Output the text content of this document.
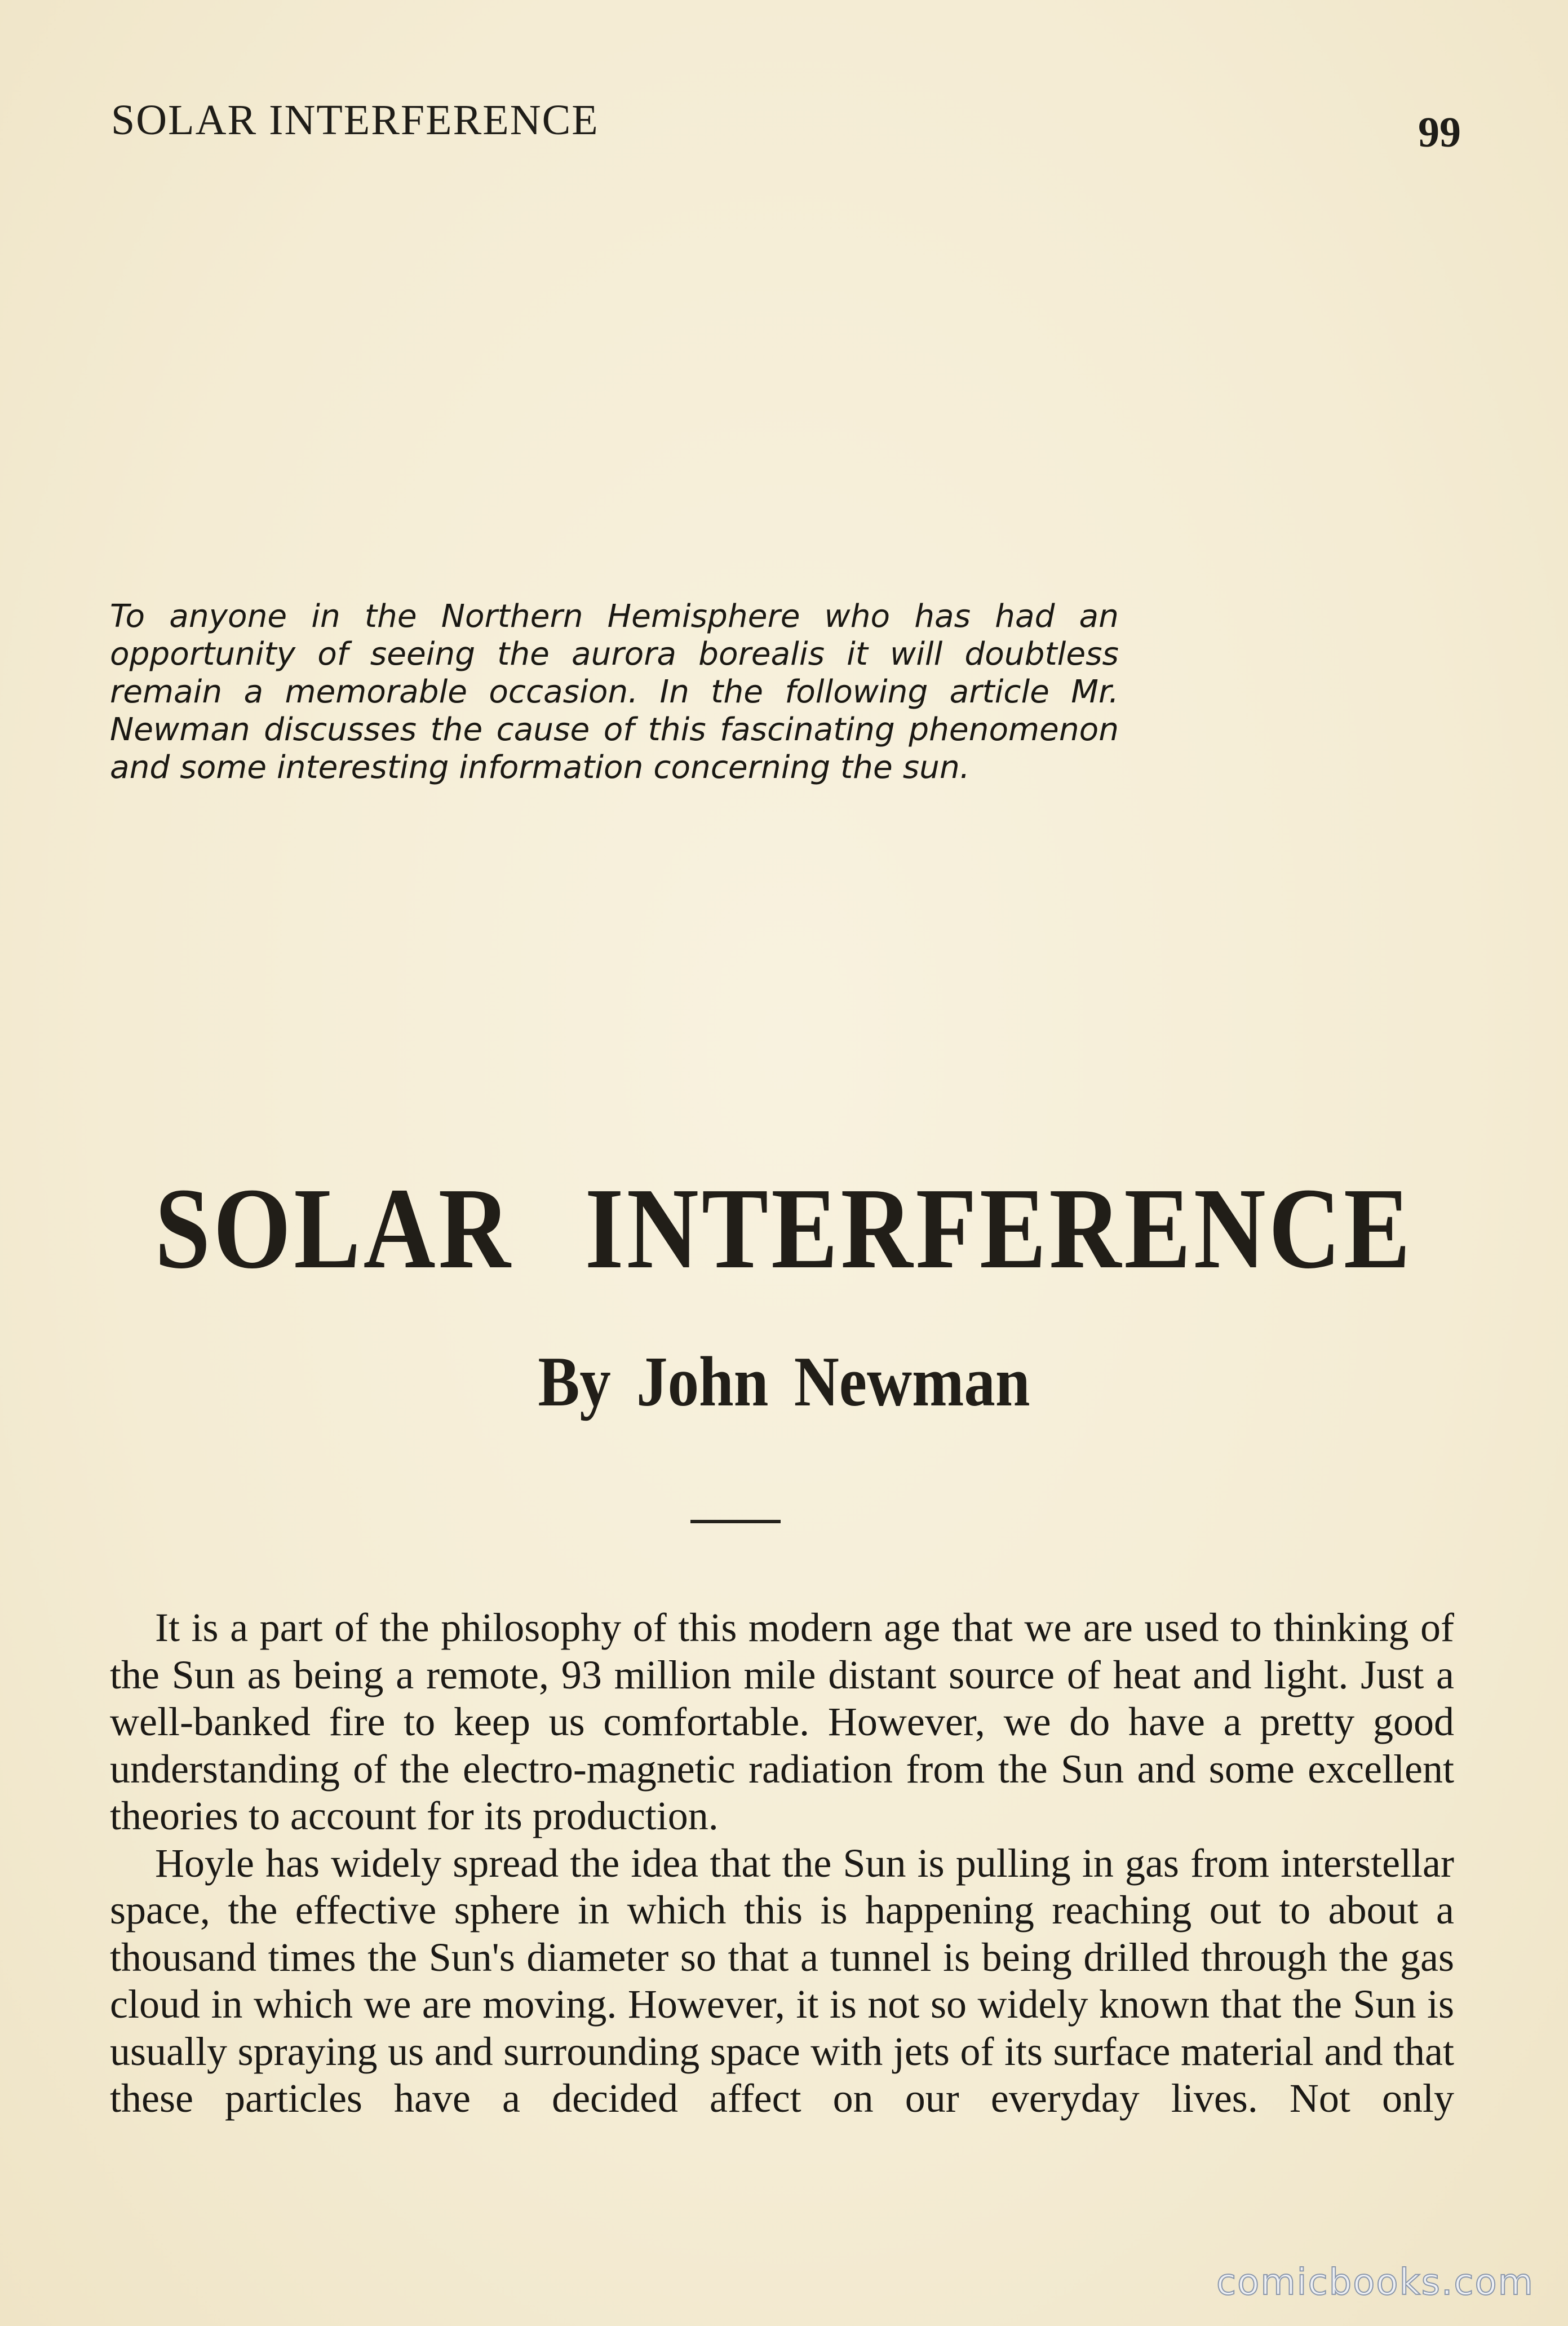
SOLAR INTERFERENCE	99
To anyone in the Northern Hemisphere who has had an opportunity of seeing the aurora borealis it will doubtless remain a memorable occasion. In the following article Mr. Newman discusses the cause of this fascinating phenomenon and some interesting information concerning the sun.
SOLAR INTERFERENCE
By John Newman

It is a part of the philosophy of this modern age that we are used to thinking of the Sun as being a remote, 93 million mile distant source of heat and light. Just a well-banked fire to keep us comfortable. However, we do have a pretty good understanding of the electro-magnetic radiation from the Sun and some excellent theories to account for its production.

Hoyle has widely spread the idea that the Sun is pulling in gas from interstellar space, the effective sphere in which this is happening reaching out to about a thousand times the Sun's diameter so that a tunnel is being drilled through the gas cloud in which we are moving. However, it is not so widely known that the Sun is usually spraying us and surrounding space with jets of its surface material and that these particles have a decided affect on our everyday lives. Not only

comicbooks.com
